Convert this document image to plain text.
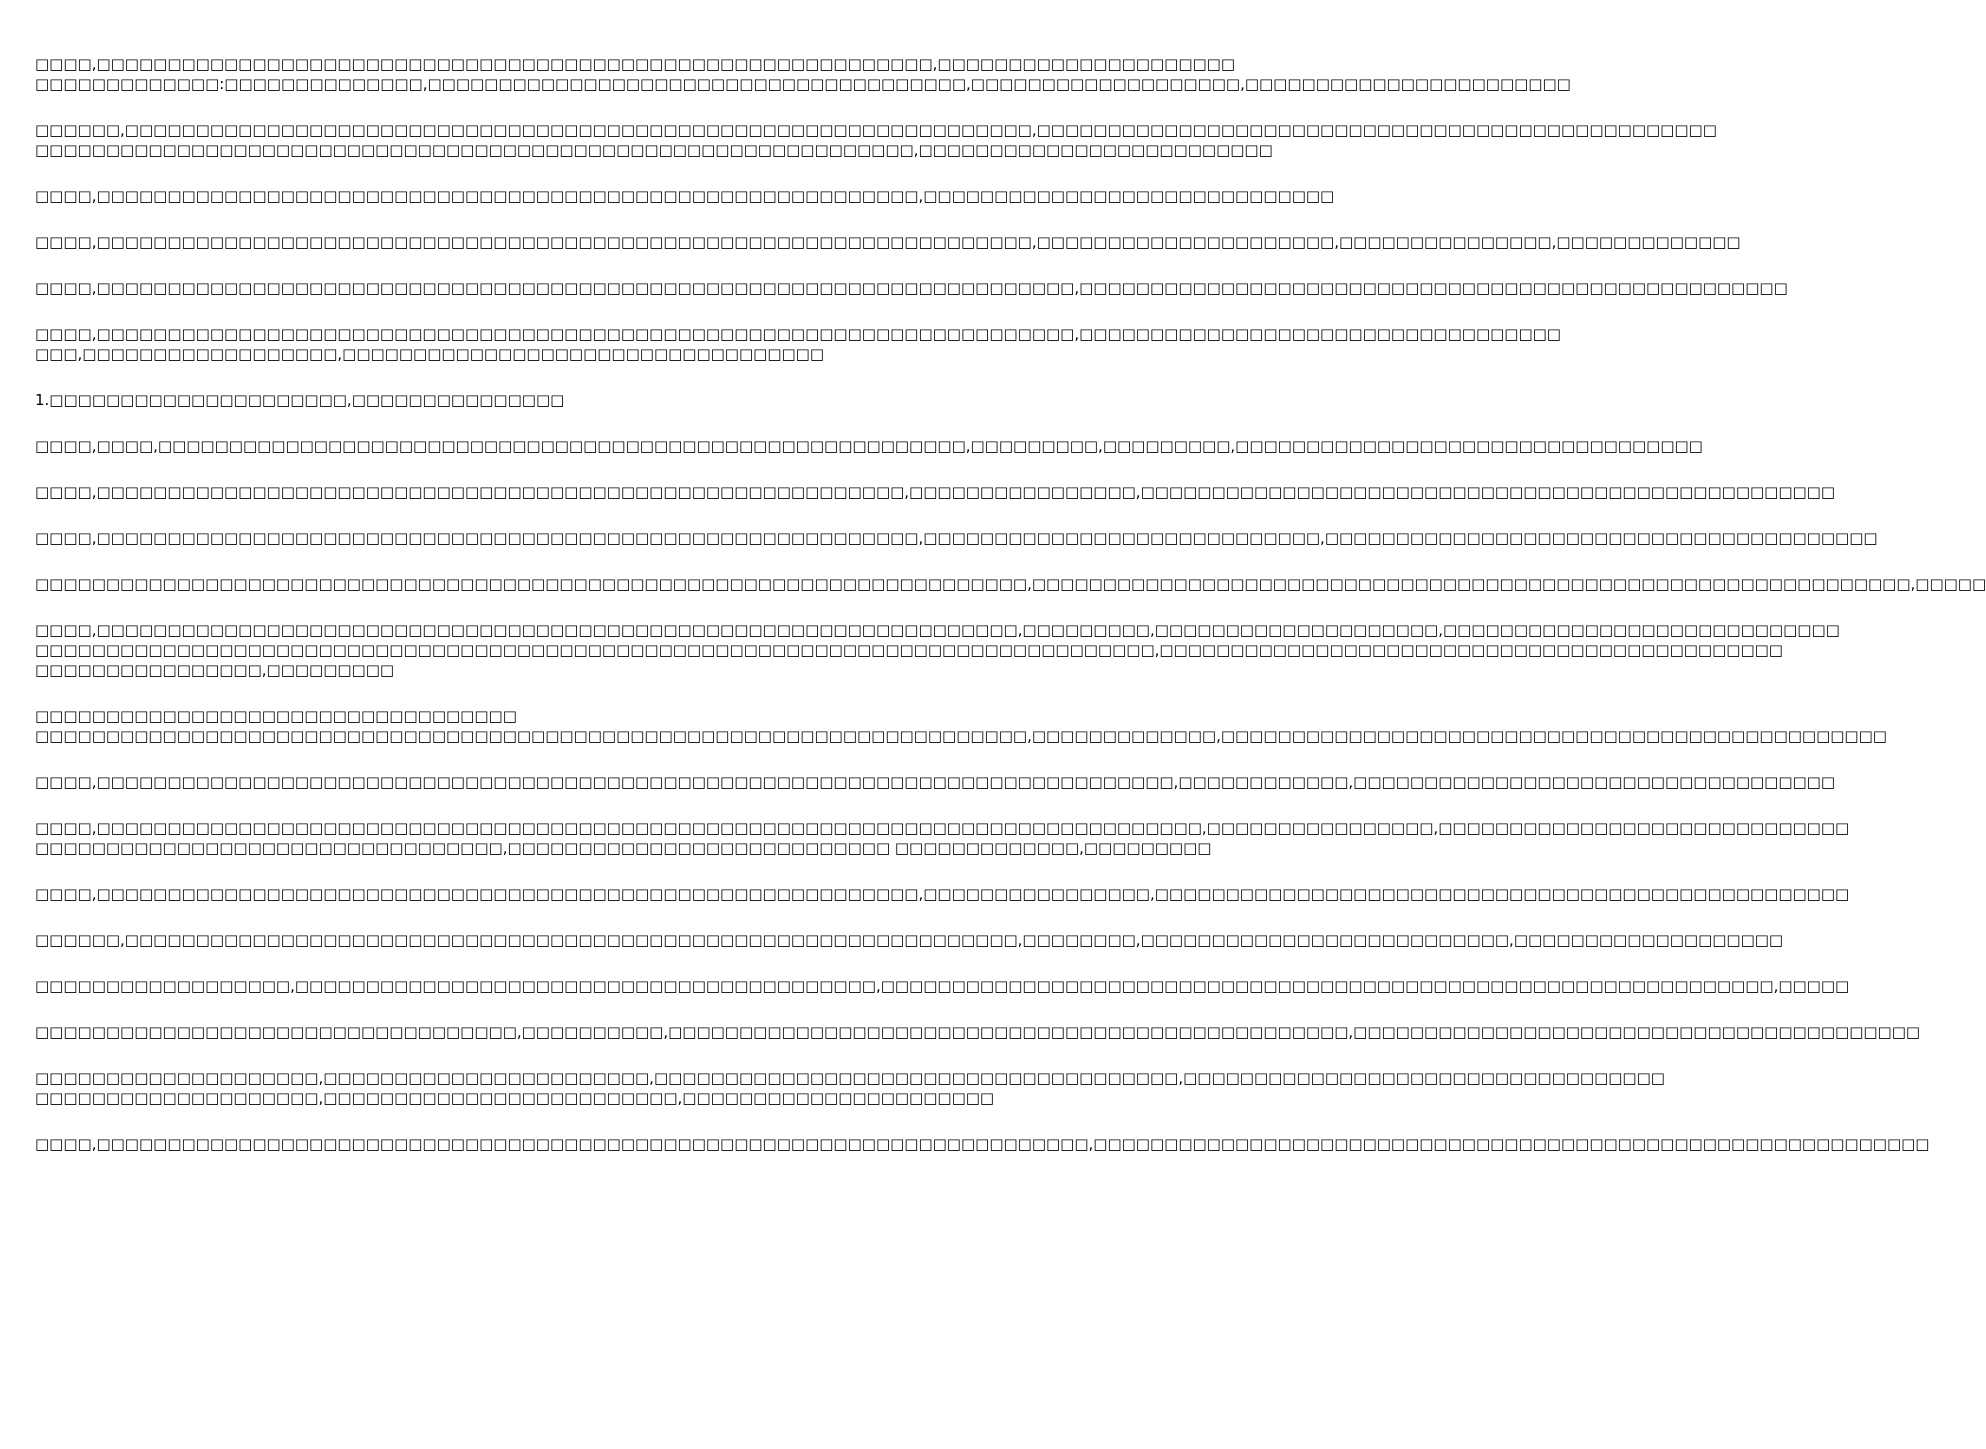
□□□□,□□□□□□□□□□□□□□□□□□□□□□□□□□□□□□□□□□□□□□□□□□□□□□□□□□□□□□□□□□□,□□□□□□□□□□□□□□□□□□□□□
□□□□□□□□□□□□□:□□□□□□□□□□□□□□,□□□□□□□□□□□□□□□□□□□□□□□□□□□□□□□□□□□□□□,□□□□□□□□□□□□□□□□□□□,□□□□□□□□□□□□□□□□□□□□□□□
□□□□□□,□□□□□□□□□□□□□□□□□□□□□□□□□□□□□□□□□□□□□□□□□□□□□□□□□□□□□□□□□□□□□□□□,□□□□□□□□□□□□□□□□□□□□□□□□□□□□□□□□□□□□□□□□□□□□□□□□
□□□□□□□□□□□□□□□□□□□□□□□□□□□□□□□□□□□□□□□□□□□□□□□□□□□□□□□□□□□□□□,□□□□□□□□□□□□□□□□□□□□□□□□□
□□□□,□□□□□□□□□□□□□□□□□□□□□□□□□□□□□□□□□□□□□□□□□□□□□□□□□□□□□□□□□□,□□□□□□□□□□□□□□□□□□□□□□□□□□□□□
□□□□,□□□□□□□□□□□□□□□□□□□□□□□□□□□□□□□□□□□□□□□□□□□□□□□□□□□□□□□□□□□□□□□□□□,□□□□□□□□□□□□□□□□□□□□□,□□□□□□□□□□□□□□□,□□□□□□□□□□□□□
□□□□,□□□□□□□□□□□□□□□□□□□□□□□□□□□□□□□□□□□□□□□□□□□□□□□□□□□□□□□□□□□□□□□□□□□□□,□□□□□□□□□□□□□□□□□□□□□□□□□□□□□□□□□□□□□□□□□□□□□□□□□□
□□□□,□□□□□□□□□□□□□□□□□□□□□□□□□□□□□□□□□□□□□□□□□□□□□□□□□□□□□□□□□□□□□□□□□□□□□,□□□□□□□□□□□□□□□□□□□□□□□□□□□□□□□□□□
□□□,□□□□□□□□□□□□□□□□□□,□□□□□□□□□□□□□□□□□□□□□□□□□□□□□□□□□□
1.□□□□□□□□□□□□□□□□□□□□□,□□□□□□□□□□□□□□□
□□□□,□□□□,□□□□□□□□□□□□□□□□□□□□□□□□□□□□□□□□□□□□□□□□□□□□□□□□□□□□□□□□□,□□□□□□□□□,□□□□□□□□□,□□□□□□□□□□□□□□□□□□□□□□□□□□□□□□□□□
□□□□,□□□□□□□□□□□□□□□□□□□□□□□□□□□□□□□□□□□□□□□□□□□□□□□□□□□□□□□□□,□□□□□□□□□□□□□□□□,□□□□□□□□□□□□□□□□□□□□□□□□□□□□□□□□□□□□□□□□□□□□□□□□□
□□□□,□□□□□□□□□□□□□□□□□□□□□□□□□□□□□□□□□□□□□□□□□□□□□□□□□□□□□□□□□□,□□□□□□□□□□□□□□□□□□□□□□□□□□□□,□□□□□□□□□□□□□□□□□□□□□□□□□□□□□□□□□□□□□□□
□□□□□□□□□□□□□□□□□□□□□□□□□□□□□□□□□□□□□□□□□□□□□□□□□□□□□□□□□□□□□□□□□□□□□□,□□□□□□□□□□□□□□□□□□□□□□□□□□□□□□□□□□□□□□□□□□□□□□□□□□□□□□□□□□□□□□,□□□□□
□□□□,□□□□□□□□□□□□□□□□□□□□□□□□□□□□□□□□□□□□□□□□□□□□□□□□□□□□□□□□□□□□□□□□□,□□□□□□□□□,□□□□□□□□□□□□□□□□□□□□,□□□□□□□□□□□□□□□□□□□□□□□□□□□□
□□□□□□□□□□□□□□□□□□□□□□□□□□□□□□□□□□□□□□□□□□□□□□□□□□□□□□□□□□□□□□□□□□□□□□□□□□□□□□□,□□□□□□□□□□□□□□□□□□□□□□□□□□□□□□□□□□□□□□□□□□□□
□□□□□□□□□□□□□□□□,□□□□□□□□□
□□□□□□□□□□□□□□□□□□□□□□□□□□□□□□□□□□
□□□□□□□□□□□□□□□□□□□□□□□□□□□□□□□□□□□□□□□□□□□□□□□□□□□□□□□□□□□□□□□□□□□□□□,□□□□□□□□□□□□□,□□□□□□□□□□□□□□□□□□□□□□□□□□□□□□□□□□□□□□□□□□□□□□□
□□□□,□□□□□□□□□□□□□□□□□□□□□□□□□□□□□□□□□□□□□□□□□□□□□□□□□□□□□□□□□□□□□□□□□□□□□□□□□□□□,□□□□□□□□□□□□,□□□□□□□□□□□□□□□□□□□□□□□□□□□□□□□□□□
□□□□,□□□□□□□□□□□□□□□□□□□□□□□□□□□□□□□□□□□□□□□□□□□□□□□□□□□□□□□□□□□□□□□□□□□□□□□□□□□□□□,□□□□□□□□□□□□□□□□,□□□□□□□□□□□□□□□□□□□□□□□□□□□□□
□□□□□□□□□□□□□□□□□□□□□□□□□□□□□□□□□,□□□□□□□□□□□□□□□□□□□□□□□□□□□ □□□□□□□□□□□□□,□□□□□□□□□
□□□□,□□□□□□□□□□□□□□□□□□□□□□□□□□□□□□□□□□□□□□□□□□□□□□□□□□□□□□□□□□,□□□□□□□□□□□□□□□□,□□□□□□□□□□□□□□□□□□□□□□□□□□□□□□□□□□□□□□□□□□□□□□□□□
□□□□□□,□□□□□□□□□□□□□□□□□□□□□□□□□□□□□□□□□□□□□□□□□□□□□□□□□□□□□□□□□□□□□□□,□□□□□□□□,□□□□□□□□□□□□□□□□□□□□□□□□□□,□□□□□□□□□□□□□□□□□□□
□□□□□□□□□□□□□□□□□□,□□□□□□□□□□□□□□□□□□□□□□□□□□□□□□□□□□□□□□□□□,□□□□□□□□□□□□□□□□□□□□□□□□□□□□□□□□□□□□□□□□□□□□□□□□□□□□□□□□□□□□□□□,□□□□□
□□□□□□□□□□□□□□□□□□□□□□□□□□□□□□□□□□,□□□□□□□□□□,□□□□□□□□□□□□□□□□□□□□□□□□□□□□□□□□□□□□□□□□□□□□□□□□,□□□□□□□□□□□□□□□□□□□□□□□□□□□□□□□□□□□□□□□□
□□□□□□□□□□□□□□□□□□□□,□□□□□□□□□□□□□□□□□□□□□□□,□□□□□□□□□□□□□□□□□□□□□□□□□□□□□□□□□□□□□,□□□□□□□□□□□□□□□□□□□□□□□□□□□□□□□□□□
□□□□□□□□□□□□□□□□□□□□,□□□□□□□□□□□□□□□□□□□□□□□□□,□□□□□□□□□□□□□□□□□□□□□□
□□□□,□□□□□□□□□□□□□□□□□□□□□□□□□□□□□□□□□□□□□□□□□□□□□□□□□□□□□□□□□□□□□□□□□□□□□□,□□□□□□□□□□□□□□□□□□□□□□□□□□□□□□□□□□□□□□□□□□□□□□□□□□□□□□□□□□□
